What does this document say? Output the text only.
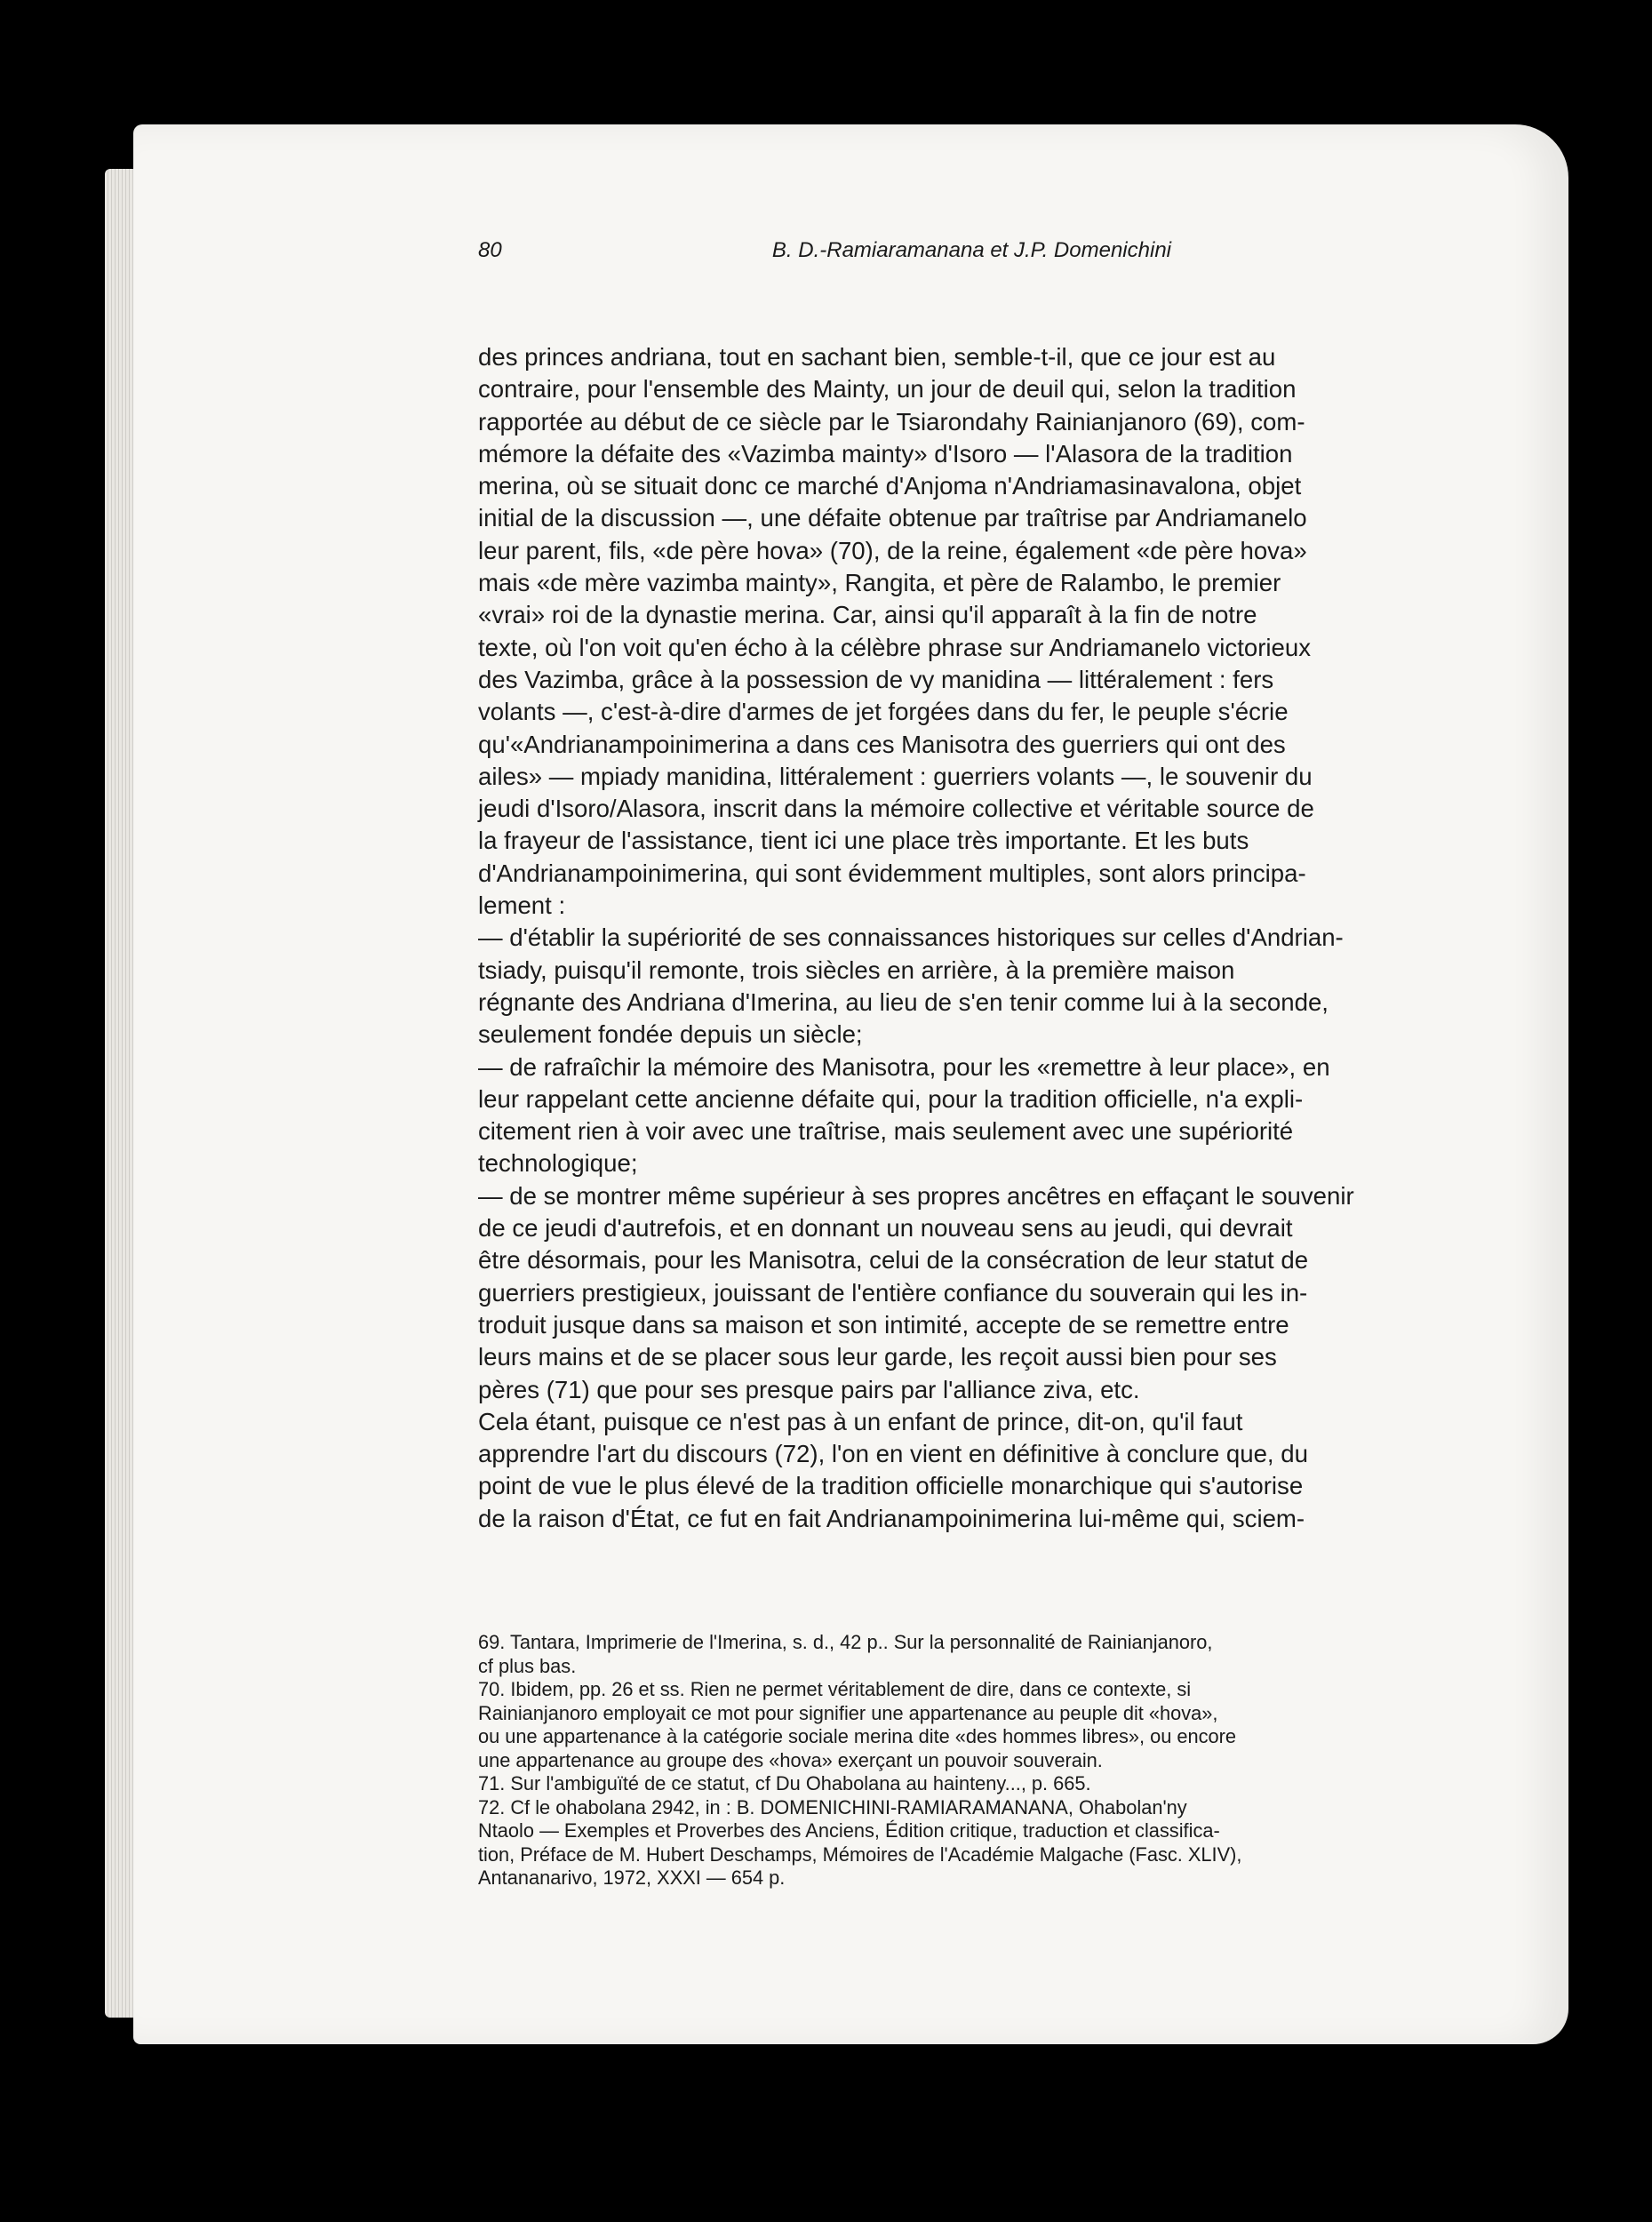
80	B. D.-Ramiaramanana et J.P. Domenichini
des princes andriana, tout en sachant bien, semble-t-il, que ce jour est au
contraire, pour l'ensemble des Mainty, un jour de deuil qui, selon la tradition
rapportée au début de ce siècle par le Tsiarondahy Rainianjanoro (69), com-
mémore la défaite des «Vazimba mainty» d'Isoro — l'Alasora de la tradition
merina, où se situait donc ce marché d'Anjoma n'Andriamasinavalona, objet
initial de la discussion —, une défaite obtenue par traîtrise par Andriamanelo
leur parent, fils, «de père hova» (70), de la reine, également «de père hova»
mais «de mère vazimba mainty», Rangita, et père de Ralambo, le premier
«vrai» roi de la dynastie merina. Car, ainsi qu'il apparaît à la fin de notre
texte, où l'on voit qu'en écho à la célèbre phrase sur Andriamanelo victorieux
des Vazimba, grâce à la possession de vy manidina — littéralement : fers
volants —, c'est-à-dire d'armes de jet forgées dans du fer, le peuple s'écrie
qu'«Andrianampoinimerina a dans ces Manisotra des guerriers qui ont des
ailes» — mpiady manidina, littéralement : guerriers volants —, le souvenir du
jeudi d'Isoro/Alasora, inscrit dans la mémoire collective et véritable source de
la frayeur de l'assistance, tient ici une place très importante. Et les buts
d'Andrianampoinimerina, qui sont évidemment multiples, sont alors principa-
lement :
— d'établir la supériorité de ses connaissances historiques sur celles d'Andrian-
tsiady, puisqu'il remonte, trois siècles en arrière, à la première maison
régnante des Andriana d'Imerina, au lieu de s'en tenir comme lui à la seconde,
seulement fondée depuis un siècle;
— de rafraîchir la mémoire des Manisotra, pour les «remettre à leur place», en
leur rappelant cette ancienne défaite qui, pour la tradition officielle, n'a expli-
citement rien à voir avec une traîtrise, mais seulement avec une supériorité
technologique;
— de se montrer même supérieur à ses propres ancêtres en effaçant le souvenir
de ce jeudi d'autrefois, et en donnant un nouveau sens au jeudi, qui devrait
être désormais, pour les Manisotra, celui de la consécration de leur statut de
guerriers prestigieux, jouissant de l'entière confiance du souverain qui les in-
troduit jusque dans sa maison et son intimité, accepte de se remettre entre
leurs mains et de se placer sous leur garde, les reçoit aussi bien pour ses
pères (71) que pour ses presque pairs par l'alliance ziva, etc.
Cela étant, puisque ce n'est pas à un enfant de prince, dit-on, qu'il faut
apprendre l'art du discours (72), l'on en vient en définitive à conclure que, du
point de vue le plus élevé de la tradition officielle monarchique qui s'autorise
de la raison d'État, ce fut en fait Andrianampoinimerina lui-même qui, sciem-
69. Tantara, Imprimerie de l'Imerina, s. d., 42 p.. Sur la personnalité de Rainianjanoro,
cf plus bas.
70. Ibidem, pp. 26 et ss. Rien ne permet véritablement de dire, dans ce contexte, si
Rainianjanoro employait ce mot pour signifier une appartenance au peuple dit «hova»,
ou une appartenance à la catégorie sociale merina dite «des hommes libres», ou encore
une appartenance au groupe des «hova» exerçant un pouvoir souverain.
71. Sur l'ambiguïté de ce statut, cf Du Ohabolana au hainteny..., p. 665.
72. Cf le ohabolana 2942, in : B. DOMENICHINI-RAMIARAMANANA, Ohabolan'ny
Ntaolo — Exemples et Proverbes des Anciens, Édition critique, traduction et classifica-
tion, Préface de M. Hubert Deschamps, Mémoires de l'Académie Malgache (Fasc. XLIV),
Antananarivo, 1972, XXXI — 654 p.
